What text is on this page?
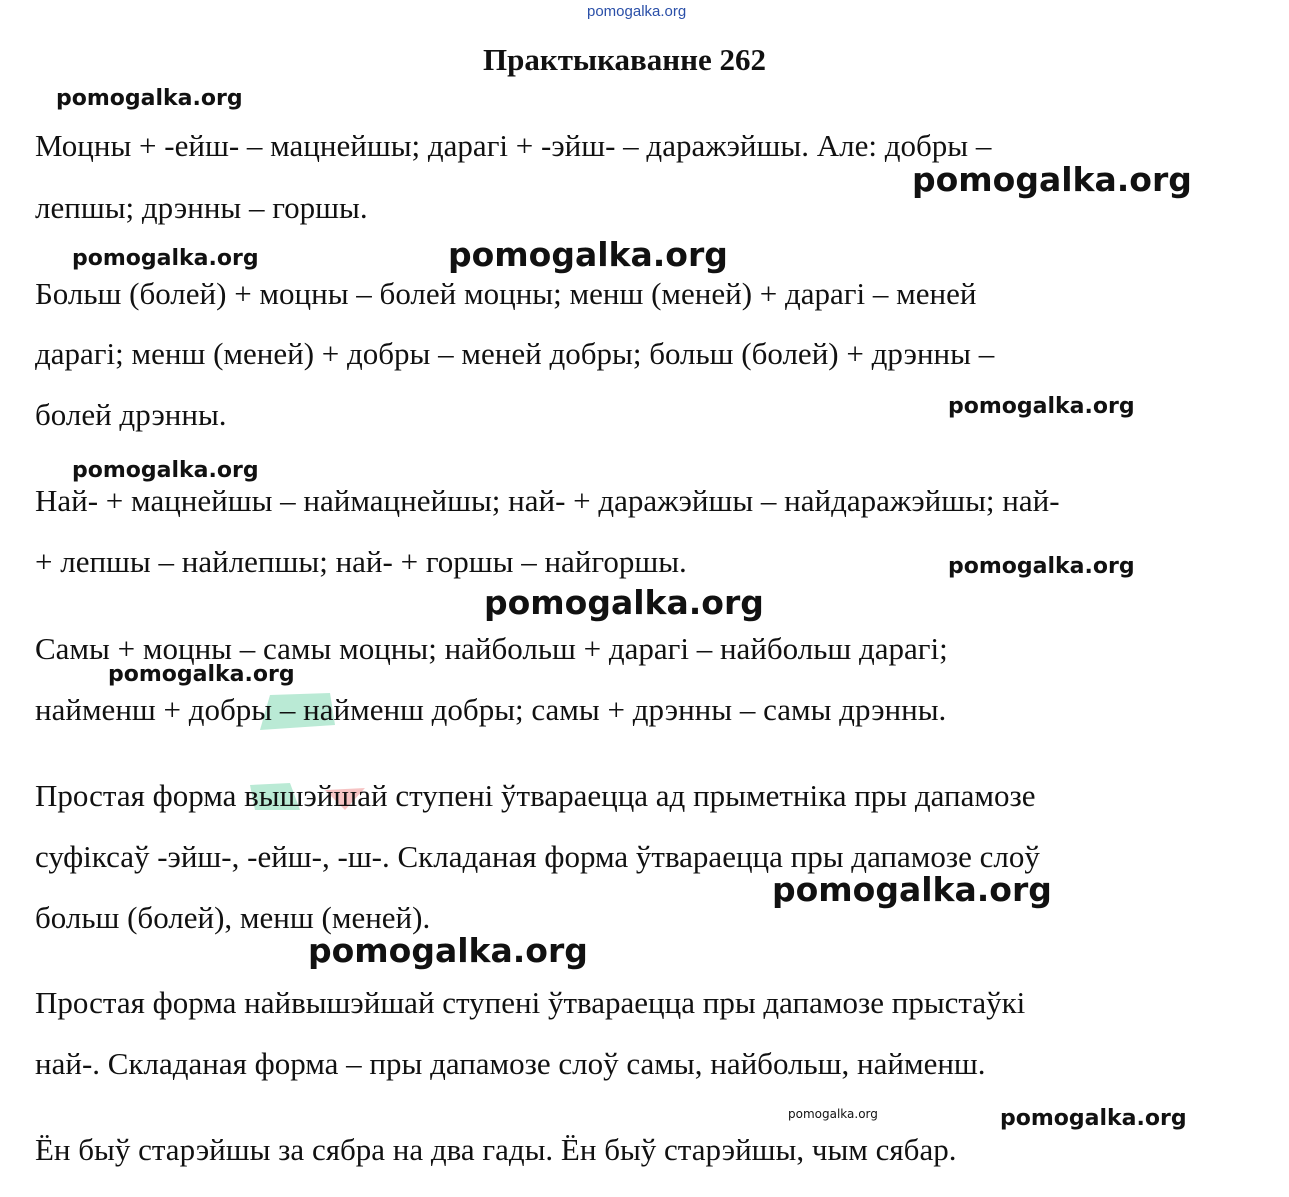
pomogalka.org
Практыкаванне 262
Моцны + -ейш- – мацнейшы; дарагі + -эйш- – даражэйшы. Але: добры –
лепшы; дрэнны – горшы.
Больш (болей) + моцны – болей моцны; менш (меней) + дарагі – меней
дарагі; менш (меней) + добры – меней добры; больш (болей) + дрэнны –
болей дрэнны.
Най- + мацнейшы – наймацнейшы; най- + даражэйшы – найдаражэйшы; най-
+ лепшы – найлепшы; най- + горшы – найгоршы.
Самы + моцны – самы моцны; найбольш + дарагі – найбольш дарагі;
найменш + добры – найменш добры; самы + дрэнны – самы дрэнны.
Простая форма вышэйшай ступені ўтвараецца ад прыметніка пры дапамозе
суфіксаў -эйш-, -ейш-, -ш-. Складаная форма ўтвараецца пры дапамозе слоў
больш (болей), менш (меней).
Простая форма найвышэйшай ступені ўтвараецца пры дапамозе прыстаўкі
най-. Складаная форма – пры дапамозе слоў самы, найбольш, найменш.
Ён быў старэйшы за сябра на два гады. Ён быў старэйшы, чым сябар.
pomogalka.org
pomogalka.org
pomogalka.org	pomogalka.org
pomogalka.org
pomogalka.org
pomogalka.org
pomogalka.org
pomogalka.org
pomogalka.org
pomogalka.org
pomogalka.org	pomogalka.org
